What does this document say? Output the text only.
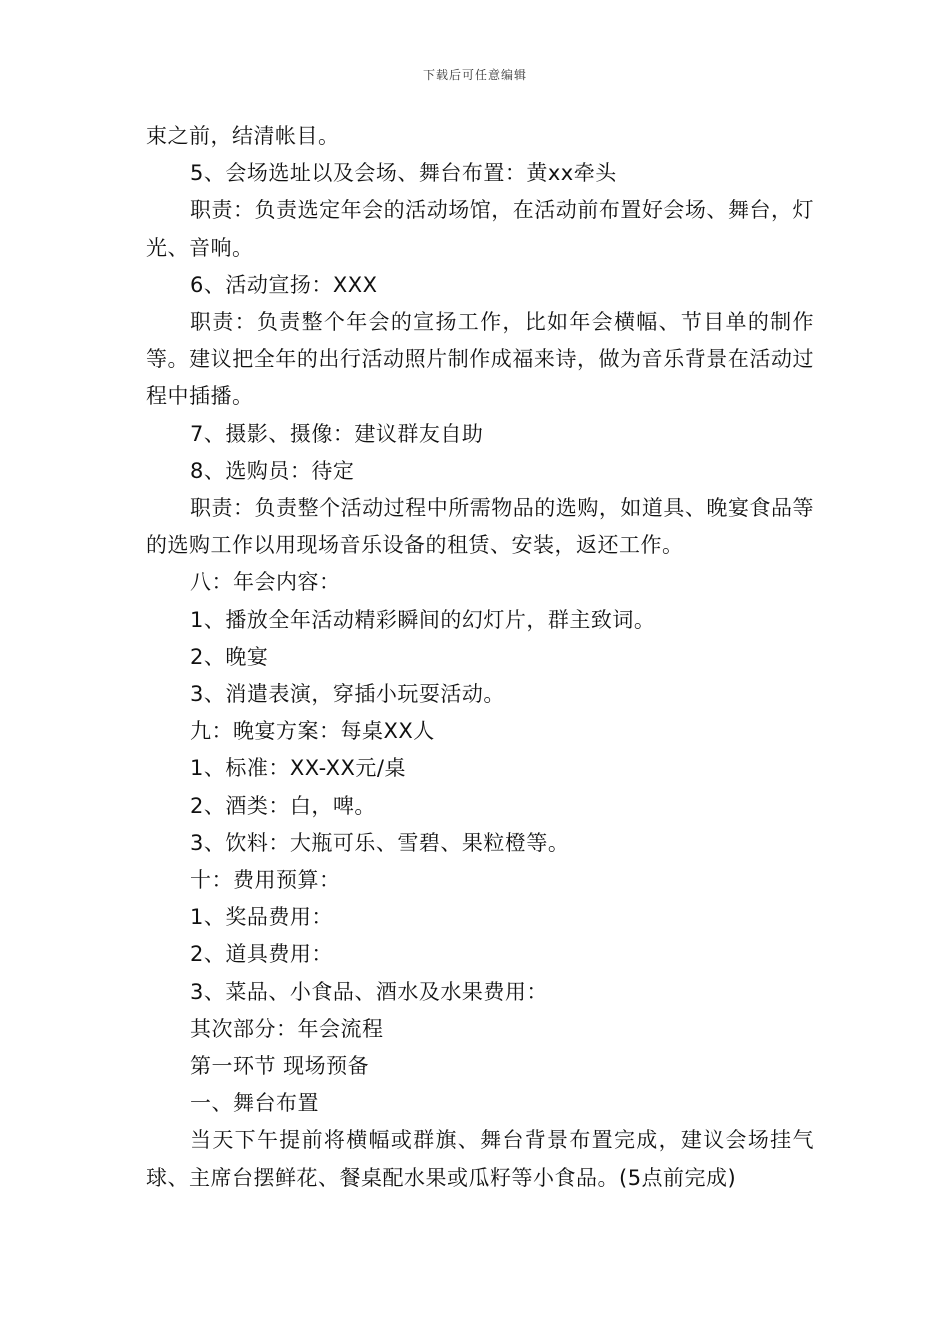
下载后可任意编辑

束之前，结清帐目。

5、会场选址以及会场、舞台布置：黄xx牵头

职责：负责选定年会的活动场馆，在活动前布置好会场、舞台，灯光、音响。

6、活动宣扬：XXX

职责：负责整个年会的宣扬工作，比如年会横幅、节目单的制作等。建议把全年的出行活动照片制作成福来诗，做为音乐背景在活动过程中插播。

7、摄影、摄像：建议群友自助

8、选购员：待定

职责：负责整个活动过程中所需物品的选购，如道具、晚宴食品等的选购工作以用现场音乐设备的租赁、安装，返还工作。

八：年会内容：

1、播放全年活动精彩瞬间的幻灯片，群主致词。

2、晚宴

3、消遣表演，穿插小玩耍活动。

九：晚宴方案：每桌XX人

1、标准：XX-XX元/桌

2、酒类：白，啤。

3、饮料：大瓶可乐、雪碧、果粒橙等。

十：费用预算：

1、奖品费用：

2、道具费用：

3、菜品、小食品、酒水及水果费用：

其次部分：年会流程

第一环节 现场预备

一、舞台布置

当天下午提前将横幅或群旗、舞台背景布置完成，建议会场挂气球、主席台摆鲜花、餐桌配水果或瓜籽等小食品。(5点前完成)
